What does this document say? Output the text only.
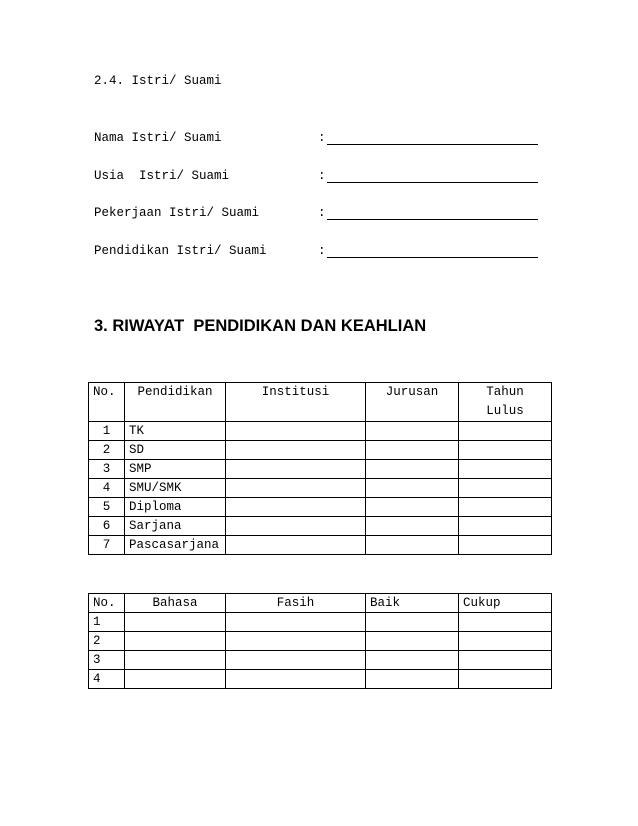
2.4. Istri/ Suami
Nama Istri/ Suami	:
Usia  Istri/ Suami	:
Pekerjaan Istri/ Suami	:
Pendidikan Istri/ Suami	:
3. RIWAYAT  PENDIDIKAN DAN KEAHLIAN
No.	Pendidikan	Institusi	Jurusan	Tahun
Lulus
1	TK			
2	SD			
3	SMP			
4	SMU/SMK			
5	Diploma			
6	Sarjana			
7	Pascasarjana			
No.	Bahasa	Fasih	Baik	Cukup
1				
2				
3				
4				
